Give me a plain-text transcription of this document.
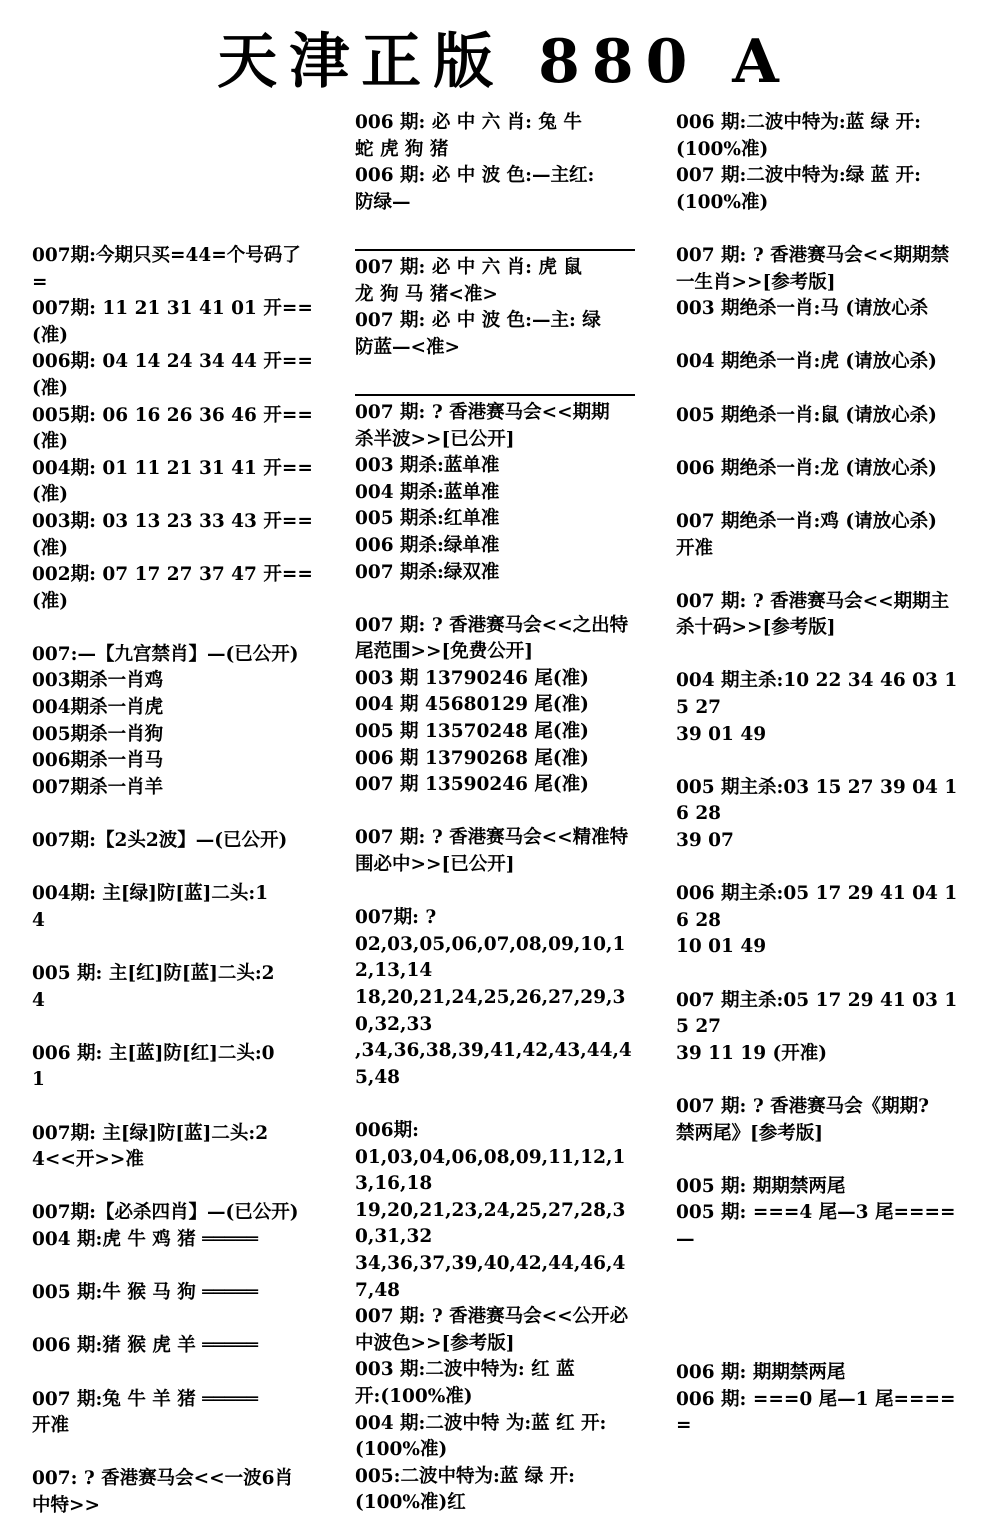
天津正版 880 A

007期:今期只买=44=个号码了
=
007期: 11 21 31 41 01 开==(准)
006期: 04 14 24 34 44 开==(准)
005期: 06 16 26 36 46 开==(准)
004期: 01 11 21 31 41 开==(准)
003期: 03 13 23 33 43 开==(准)
002期: 07 17 27 37 47 开==(准)

007:—【九宫禁肖】—(已公开)
003期杀一肖鸡
004期杀一肖虎
005期杀一肖狗
006期杀一肖马
007期杀一肖羊

007期:【2头2波】—(已公开)

004期: 主[绿]防[蓝]二头:1
4

005 期: 主[红]防[蓝]二头:2
4

006 期: 主[蓝]防[红]二头:0
1

007期: 主[绿]防[蓝]二头:2
4<<开>>准

007期:【必杀四肖】—(已公开)
004 期:虎 牛 鸡 猪 ═════

005 期:牛 猴 马 狗 ═════

006 期:猪 猴 虎 羊 ═════

007 期:兔 牛 羊 猪 ═════
开准

007: ? 香港赛马会<<一波6肖
中特>>
006 期: 必 中 六 肖: 兔 牛
蛇 虎 狗 猪
006 期: 必 中 波 色:—主红:
防绿—

007 期: 必 中 六 肖: 虎 鼠
龙 狗 马 猪<准>
007 期: 必 中 波 色:—主: 绿
防蓝—<准>

007 期: ? 香港赛马会<<期期
杀半波>>[已公开]
003 期杀:蓝单准
004 期杀:蓝单准
005 期杀:红单准
006 期杀:绿单准
007 期杀:绿双准

007 期: ? 香港赛马会<<之出特
尾范围>>[免费公开]
003 期 13790246 尾(准)
004 期 45680129 尾(准)
005 期 13570248 尾(准)
006 期 13790268 尾(准)
007 期 13590246 尾(准)

007 期: ? 香港赛马会<<精准特
围必中>>[已公开]

007期: ?
02,03,05,06,07,08,09,10,12,13,14
18,20,21,24,25,26,27,29,30,32,33
,34,36,38,39,41,42,43,44,45,48

006期:
01,03,04,06,08,09,11,12,13,16,18
19,20,21,23,24,25,27,28,30,31,32
34,36,37,39,40,42,44,46,47,48
007 期: ? 香港赛马会<<公开必
中波色>>[参考版]
003 期:二波中特为: 红 蓝
开:(100%准)
004 期:二波中特 为:蓝 红 开:
(100%准)
005:二波中特为:蓝 绿 开:
(100%准)红
006 期:二波中特为:蓝 绿 开:
(100%准)
007 期:二波中特为:绿 蓝 开:
(100%准)

007 期: ? 香港赛马会<<期期禁
一生肖>>[参考版]
003 期绝杀一肖:马 (请放心杀

004 期绝杀一肖:虎 (请放心杀)

005 期绝杀一肖:鼠 (请放心杀)

006 期绝杀一肖:龙 (请放心杀)

007 期绝杀一肖:鸡 (请放心杀)
开准

007 期: ? 香港赛马会<<期期主
杀十码>>[参考版]

004 期主杀:10 22 34 46 03 15 27
39 01 49

005 期主杀:03 15 27 39 04 16 28
39 07

006 期主杀:05 17 29 41 04 16 28
10 01 49

007 期主杀:05 17 29 41 03 15 27
39 11 19 (开准)

007 期: ? 香港赛马会《期期?
禁两尾》[参考版]

005 期: 期期禁两尾
005 期: ===4 尾—3 尾====
—

006 期: 期期禁两尾
006 期: ===0 尾—1 尾====
=
